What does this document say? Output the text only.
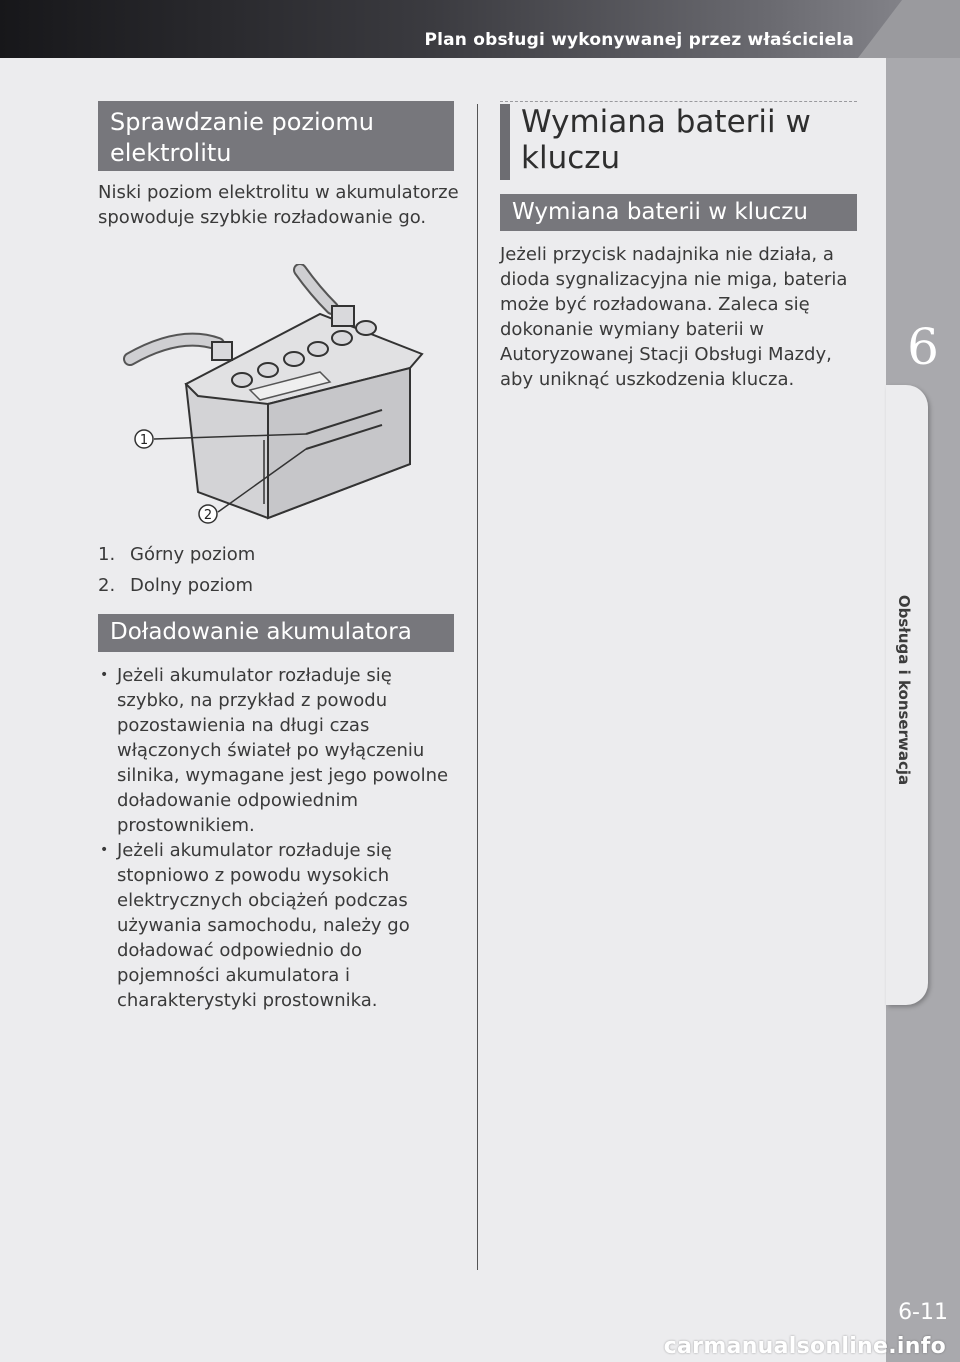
Plan obsługi wykonywanej przez właściciela
6
Obsługa i konserwacja
Sprawdzanie poziomu elektrolitu
Niski poziom elektrolitu w akumulatorze spowoduje szybkie rozładowanie go.
1
2
1. Górny poziom
2. Dolny poziom
Doładowanie akumulatora
• Jeżeli akumulator rozładuje się szybko, na przykład z powodu pozostawienia na długi czas włączonych świateł po wyłączeniu silnika, wymagane jest jego powolne doładowanie odpowiednim prostownikiem.
• Jeżeli akumulator rozładuje się stopniowo z powodu wysokich elektrycznych obciążeń podczas używania samochodu, należy go doładować odpowiednio do pojemności akumulatora i charakterystyki prostownika.
Wymiana baterii w kluczu
Wymiana baterii w kluczu
Jeżeli przycisk nadajnika nie działa, a dioda sygnalizacyjna nie miga, bateria może być rozładowana. Zaleca się dokonanie wymiany baterii w Autoryzowanej Stacji Obsługi Mazdy, aby uniknąć uszkodzenia klucza.
6-11
carmanualsonline.info
